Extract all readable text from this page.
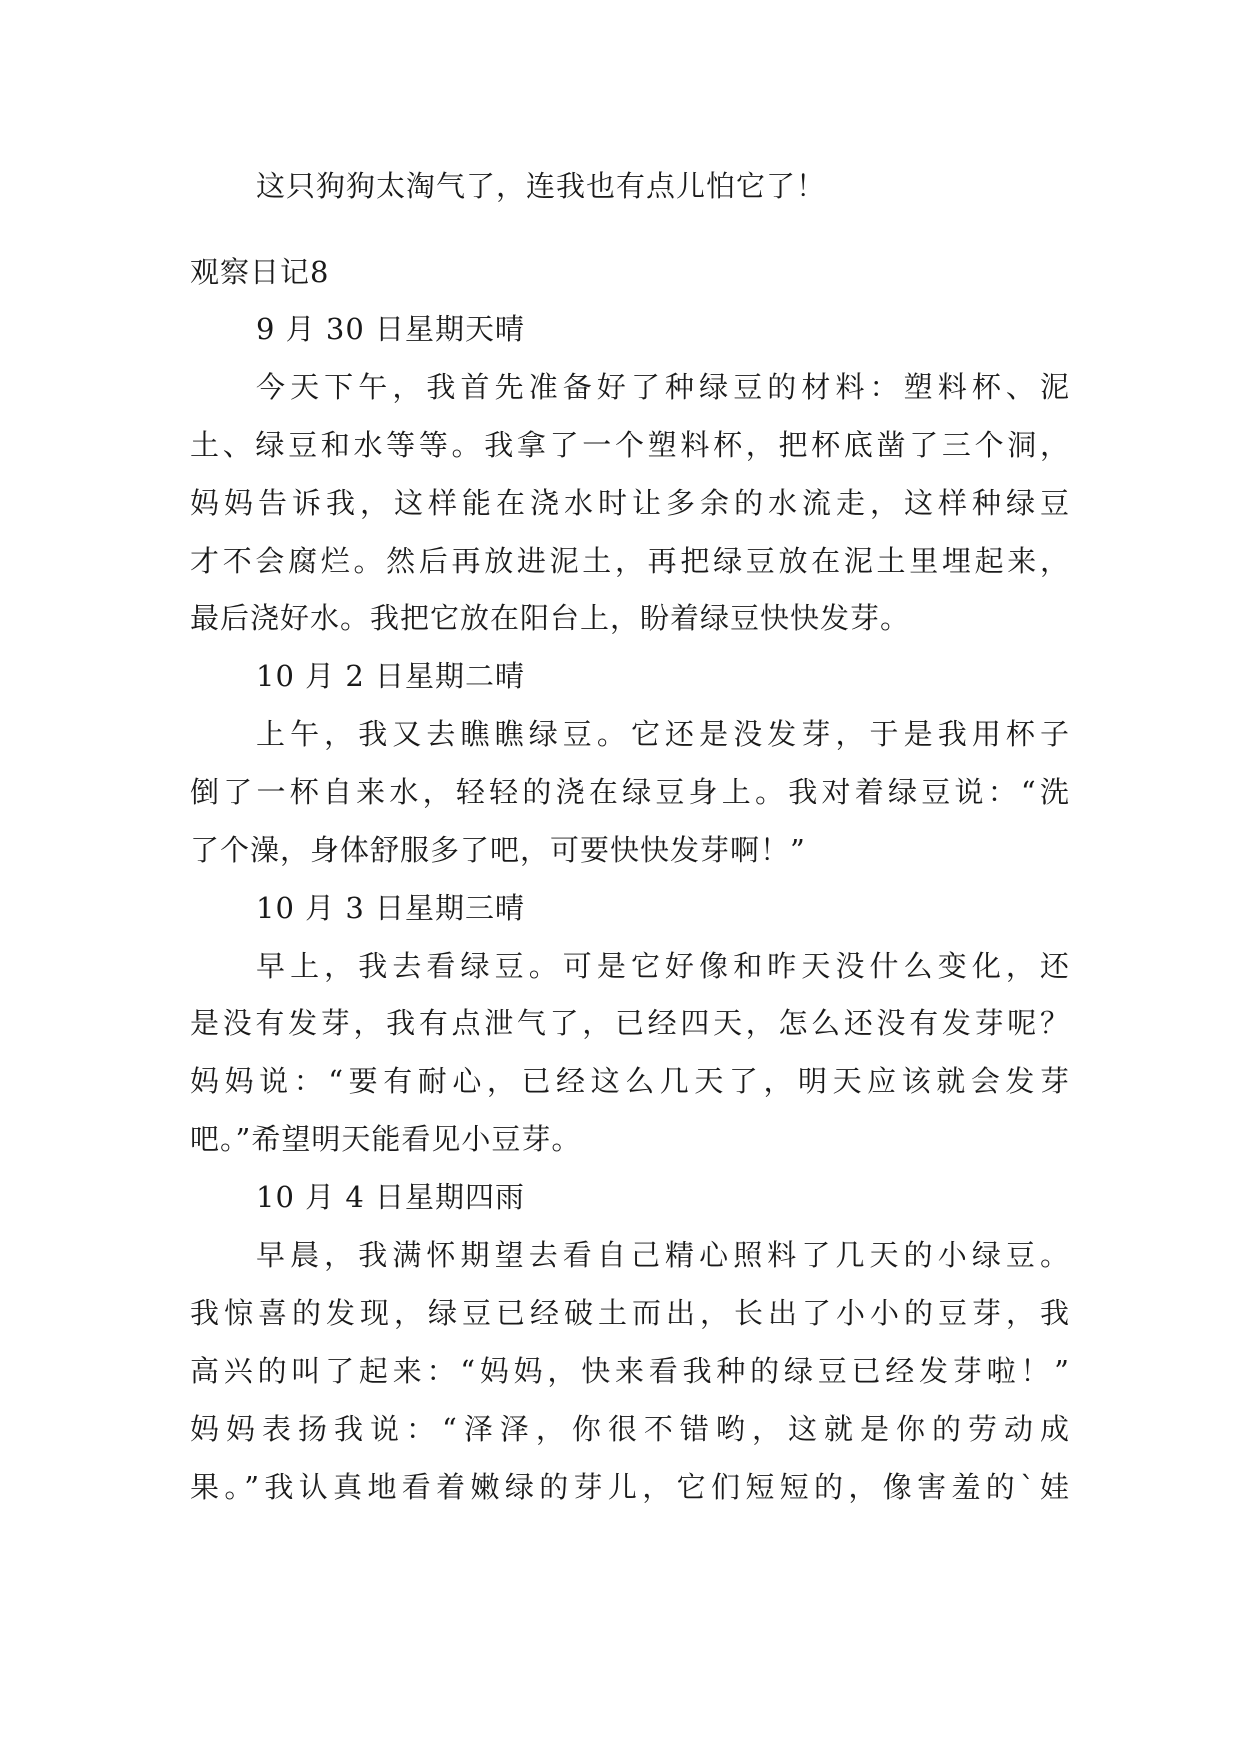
这只狗狗太淘气了，连我也有点儿怕它了！
观察日记8
9 月 30 日星期天晴
今天下午，我首先准备好了种绿豆的材料：塑料杯、泥
土、绿豆和水等等。我拿了一个塑料杯，把杯底凿了三个洞，
妈妈告诉我，这样能在浇水时让多余的水流走，这样种绿豆
才不会腐烂。然后再放进泥土，再把绿豆放在泥土里埋起来，
最后浇好水。我把它放在阳台上，盼着绿豆快快发芽。
10 月 2 日星期二晴
上午，我又去瞧瞧绿豆。它还是没发芽，于是我用杯子
倒了一杯自来水，轻轻的浇在绿豆身上。我对着绿豆说：“洗
了个澡，身体舒服多了吧，可要快快发芽啊！”
10 月 3 日星期三晴
早上，我去看绿豆。可是它好像和昨天没什么变化，还
是没有发芽，我有点泄气了，已经四天，怎么还没有发芽呢？
妈妈说：“要有耐心，已经这么几天了，明天应该就会发芽
吧。”希望明天能看见小豆芽。
10 月 4 日星期四雨
早晨，我满怀期望去看自己精心照料了几天的小绿豆。
我惊喜的发现，绿豆已经破土而出，长出了小小的豆芽，我
高兴的叫了起来：“妈妈，快来看我种的绿豆已经发芽啦！”
妈妈表扬我说：“泽泽，你很不错哟，这就是你的劳动成
果。”我认真地看着嫩绿的芽儿，它们短短的，像害羞的`娃
